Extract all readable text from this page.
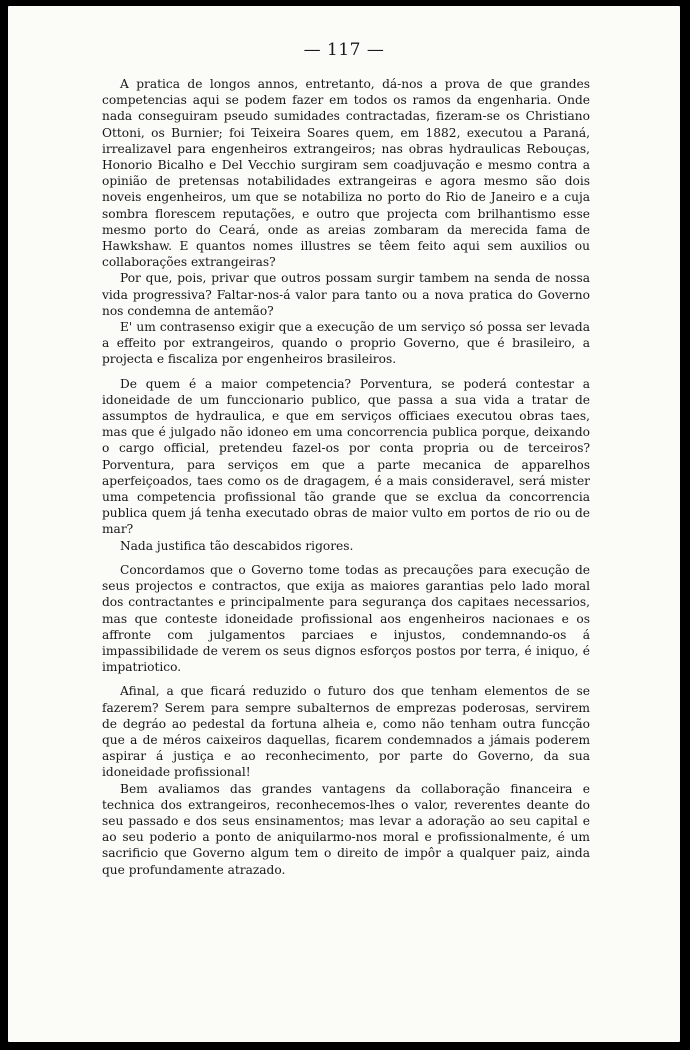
— 117 —

A pratica de longos annos, entretanto, dá-nos a prova de que grandes competencias aqui se podem fazer em todos os ramos da engenharia. Onde nada conseguiram pseudo sumidades contractadas, fizeram-se os Christiano Ottoni, os Burnier; foi Teixeira Soares quem, em 1882, executou a Paraná, irrealizavel para engenheiros extrangeiros; nas obras hydraulicas Rebouças, Honorio Bicalho e Del Vecchio surgiram sem coadjuvação e mesmo contra a opinião de pretensas notabilidades extrangeiras e agora mesmo são dois noveis engenheiros, um que se notabiliza no porto do Rio de Janeiro e a cuja sombra florescem reputações, e outro que projecta com brilhantismo esse mesmo porto do Ceará, onde as areias zombaram da merecida fama de Hawkshaw. E quantos nomes illustres se têem feito aqui sem auxilios ou collaborações extrangeiras?

Por que, pois, privar que outros possam surgir tambem na senda de nossa vida progressiva? Faltar-nos-á valor para tanto ou a nova pratica do Governo nos condemna de antemão?

E' um contrasenso exigir que a execução de um serviço só possa ser levada a effeito por extrangeiros, quando o proprio Governo, que é brasileiro, a projecta e fiscaliza por engenheiros brasileiros.

De quem é a maior competencia? Porventura, se poderá contestar a idoneidade de um funccionario publico, que passa a sua vida a tratar de assumptos de hydraulica, e que em serviços officiaes executou obras taes, mas que é julgado não idoneo em uma concorrencia publica porque, deixando o cargo official, pretendeu fazel-os por conta propria ou de terceiros? Porventura, para serviços em que a parte mecanica de apparelhos aperfeiçoados, taes como os de dragagem, é a mais consideravel, será mister uma competencia profissional tão grande que se exclua da concorrencia publica quem já tenha executado obras de maior vulto em portos de rio ou de mar?

Nada justifica tão descabidos rigores.

Concordamos que o Governo tome todas as precauções para execução de seus projectos e contractos, que exija as maiores garantias pelo lado moral dos contractantes e principalmente para segurança dos capitaes necessarios, mas que conteste idoneidade profissional aos engenheiros nacionaes e os affronte com julgamentos parciaes e injustos, condemnando-os á impassibilidade de verem os seus dignos esforços postos por terra, é iniquo, é impatriotico.

Afinal, a que ficará reduzido o futuro dos que tenham elementos de se fazerem? Serem para sempre subalternos de emprezas poderosas, servirem de degráo ao pedestal da fortuna alheia e, como não tenham outra funcção que a de méros caixeiros daquellas, ficarem condemnados a jámais poderem aspirar á justiça e ao reconhecimento, por parte do Governo, da sua idoneidade profissional!

Bem avaliamos das grandes vantagens da collaboração financeira e technica dos extrangeiros, reconhecemos-lhes o valor, reverentes deante do seu passado e dos seus ensinamentos; mas levar a adoração ao seu capital e ao seu poderio a ponto de aniquilarmo-nos moral e profissionalmente, é um sacrificio que Governo algum tem o direito de impôr a qualquer paiz, ainda que profundamente atrazado.
